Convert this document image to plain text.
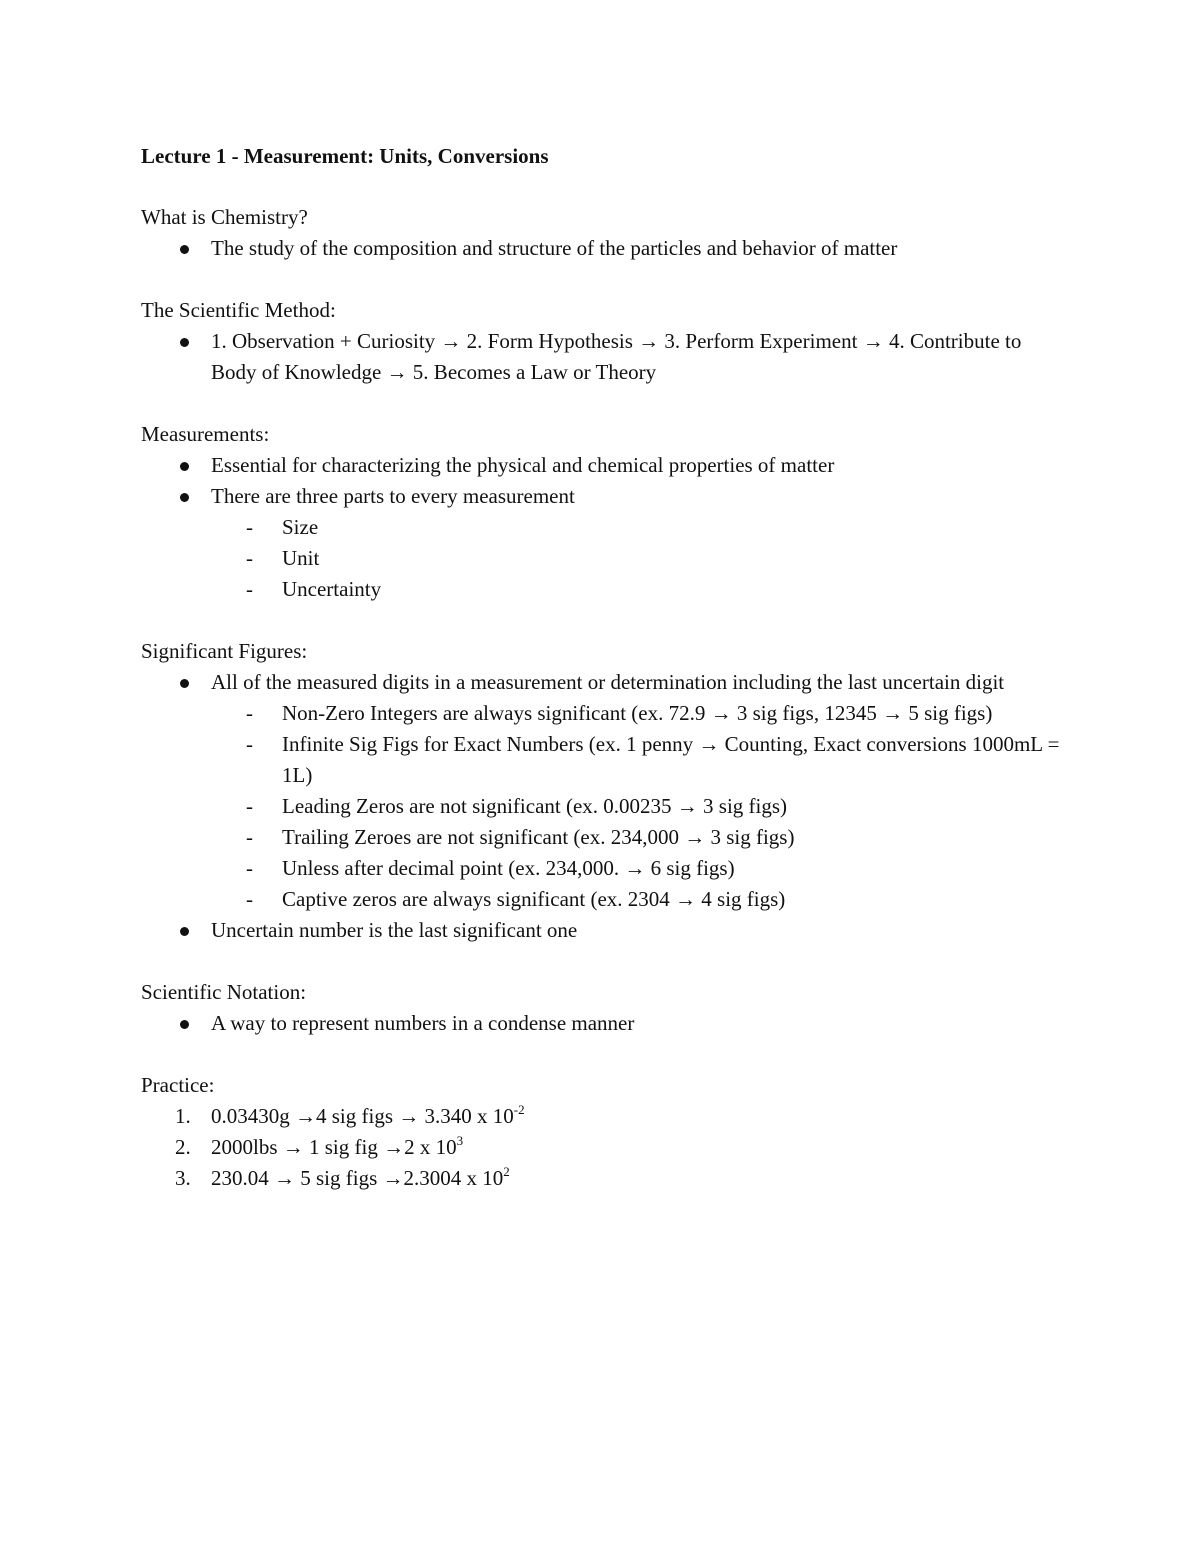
Lecture 1 - Measurement: Units, Conversions
What is Chemistry?
The study of the composition and structure of the particles and behavior of matter
The Scientific Method:
1. Observation + Curiosity → 2. Form Hypothesis → 3. Perform Experiment → 4. Contribute to Body of Knowledge → 5. Becomes a Law or Theory
Measurements:
Essential for characterizing the physical and chemical properties of matter
There are three parts to every measurement
- Size
- Unit
- Uncertainty
Significant Figures:
All of the measured digits in a measurement or determination including the last uncertain digit
- Non-Zero Integers are always significant (ex. 72.9 → 3 sig figs, 12345 → 5 sig figs)
- Infinite Sig Figs for Exact Numbers (ex. 1 penny → Counting, Exact conversions 1000mL = 1L)
- Leading Zeros are not significant (ex. 0.00235 → 3 sig figs)
- Trailing Zeroes are not significant (ex. 234,000 → 3 sig figs)
- Unless after decimal point (ex. 234,000. → 6 sig figs)
- Captive zeros are always significant (ex. 2304 → 4 sig figs)
Uncertain number is the last significant one
Scientific Notation:
A way to represent numbers in a condense manner
Practice:
1. 0.03430g →4 sig figs → 3.340 x $10^{-2}$
2. 2000lbs → 1 sig fig →2 x $10^3$
3. 230.04 → 5 sig figs →2.3004 x $10^2$
